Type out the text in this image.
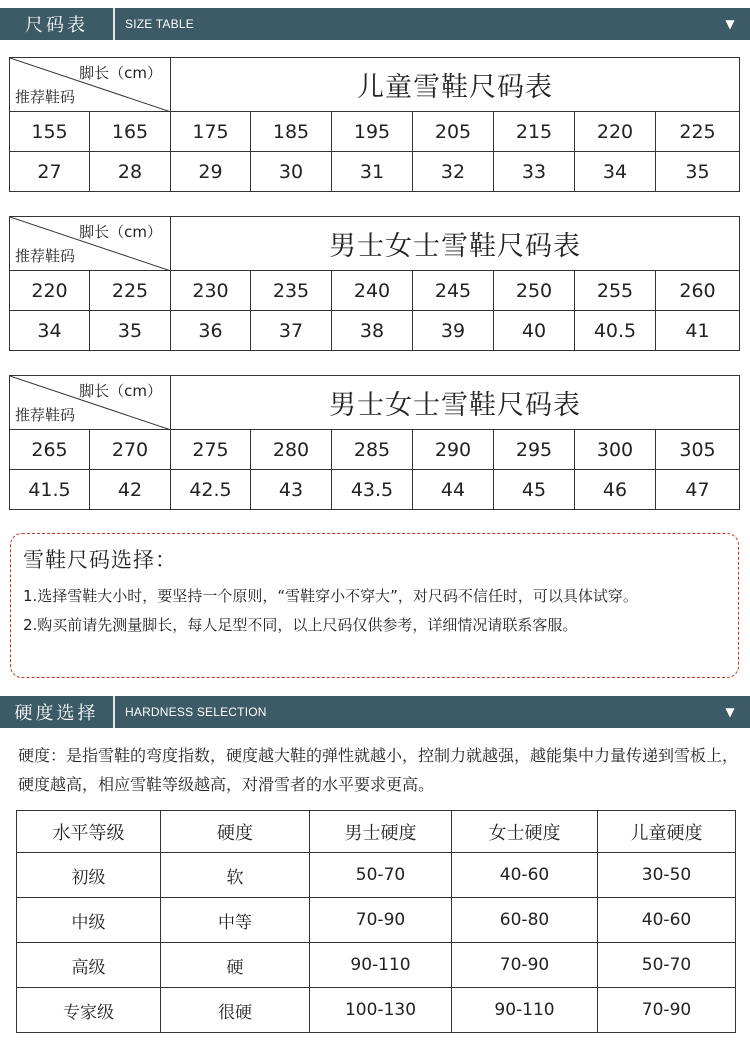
尺码表	SIZE TABLE	▼
脚长（cm）
推荐鞋码		儿童雪鞋尺码表						
155	165	175	185	195	205	215	220	225
27	28	29	30	31	32	33	34	35
脚长（cm）
推荐鞋码		男士女士雪鞋尺码表						
220	225	230	235	240	245	250	255	260
34	35	36	37	38	39	40	40.5	41
脚长（cm）
推荐鞋码		男士女士雪鞋尺码表						
265	270	275	280	285	290	295	300	305
41.5	42	42.5	43	43.5	44	45	46	47
雪鞋尺码选择：
1.选择雪鞋大小时，要坚持一个原则，“雪鞋穿小不穿大”，对尺码不信任时，可以具体试穿。
2.购买前请先测量脚长，每人足型不同，以上尺码仅供参考，详细情况请联系客服。
硬度选择	HARDNESS SELECTION	▼
硬度：是指雪鞋的弯度指数，硬度越大鞋的弹性就越小，控制力就越强，越能集中力量传递到雪板上，硬度越高，相应雪鞋等级越高，对滑雪者的水平要求更高。
水平等级	硬度	男士硬度	女士硬度	儿童硬度
初级	软	50-70	40-60	30-50
中级	中等	70-90	60-80	40-60
高级	硬	90-110	70-90	50-70
专家级	很硬	100-130	90-110	70-90
